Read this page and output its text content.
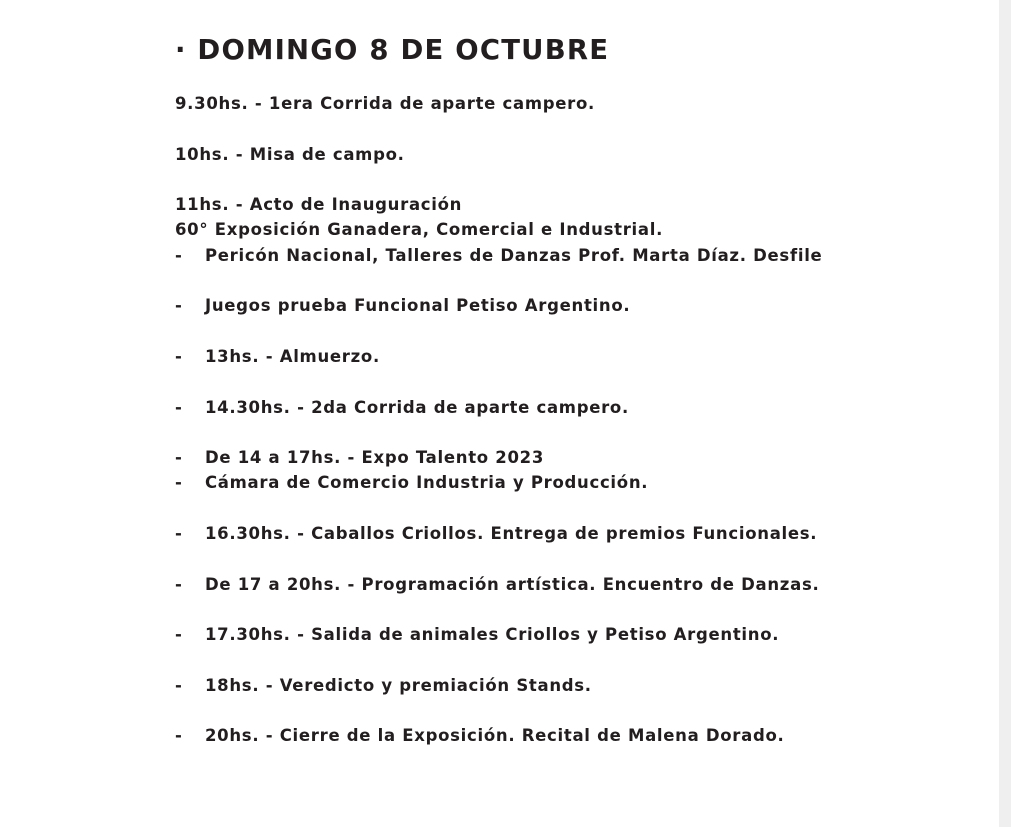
· DOMINGO 8 DE OCTUBRE
9.30hs. - 1era Corrida de aparte campero.
10hs. - Misa de campo.
11hs. - Acto de Inauguración
60° Exposición Ganadera, Comercial e Industrial.
- Pericón Nacional, Talleres de Danzas Prof. Marta Díaz. Desfile
- Juegos prueba Funcional Petiso Argentino.
- 13hs. - Almuerzo.
- 14.30hs. - 2da Corrida de aparte campero.
- De 14 a 17hs. - Expo Talento 2023
- Cámara de Comercio Industria y Producción.
- 16.30hs. - Caballos Criollos. Entrega de premios Funcionales.
- De 17 a 20hs. - Programación artística. Encuentro de Danzas.
- 17.30hs. - Salida de animales Criollos y Petiso Argentino.
- 18hs. - Veredicto y premiación Stands.
- 20hs. - Cierre de la Exposición. Recital de Malena Dorado.
